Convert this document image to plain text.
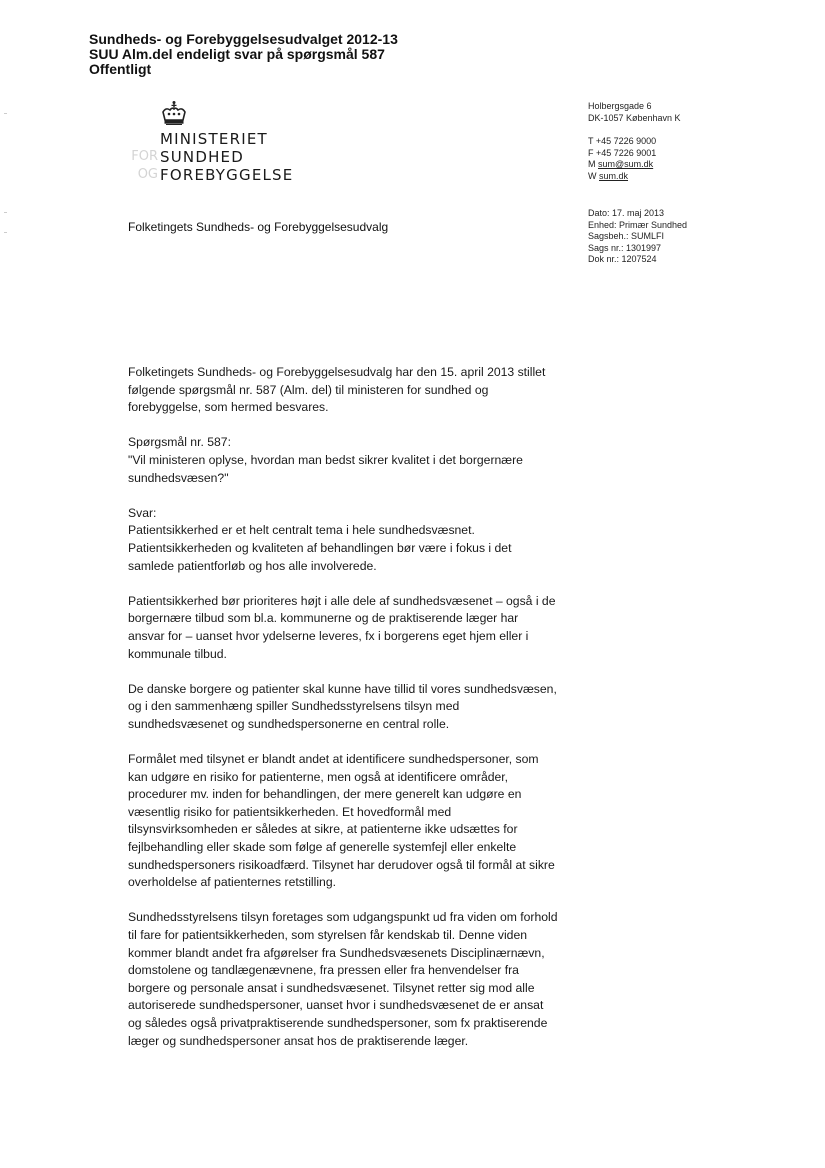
Sundheds- og Forebyggelsesudvalget 2012-13
SUU Alm.del endeligt svar på spørgsmål 587
Offentligt
MINISTERIET
FOR SUNDHED
OG FOREBYGGELSE
Holbergsgade 6
DK-1057 København K
T +45 7226 9000
F +45 7226 9001
M sum@sum.dk
W sum.dk
Folketingets Sundheds- og Forebyggelsesudvalg
Dato: 17. maj 2013
Enhed: Primær Sundhed
Sagsbeh.: SUMLFI
Sags nr.: 1301997
Dok nr.: 1207524

Folketingets Sundheds- og Forebyggelsesudvalg har den 15. april 2013 stillet følgende spørgsmål nr. 587 (Alm. del) til ministeren for sundhed og forebyggelse, som hermed besvares.

Spørgsmål nr. 587:
"Vil ministeren oplyse, hvordan man bedst sikrer kvalitet i det borgernære sundhedsvæsen?"
Svar:

Patientsikkerhed er et helt centralt tema i hele sundhedsvæsnet. Patientsikkerheden og kvaliteten af behandlingen bør være i fokus i det samlede patientforløb og hos alle involverede.

Patientsikkerhed bør prioriteres højt i alle dele af sundhedsvæsenet – også i de borgernære tilbud som bl.a. kommunerne og de praktiserende læger har ansvar for – uanset hvor ydelserne leveres, fx i borgerens eget hjem eller i kommunale tilbud.

De danske borgere og patienter skal kunne have tillid til vores sundhedsvæsen, og i den sammenhæng spiller Sundhedsstyrelsens tilsyn med sundhedsvæsenet og sundhedspersonerne en central rolle.

Formålet med tilsynet er blandt andet at identificere sundhedspersoner, som kan udgøre en risiko for patienterne, men også at identificere områder, procedurer mv. inden for behandlingen, der mere generelt kan udgøre en væsentlig risiko for patientsikkerheden. Et hovedformål med tilsynsvirksomheden er således at sikre, at patienterne ikke udsættes for fejlbehandling eller skade som følge af generelle systemfejl eller enkelte sundhedspersoners risikoadfærd. Tilsynet har derudover også til formål at sikre overholdelse af patienternes retstilling.

Sundhedsstyrelsens tilsyn foretages som udgangspunkt ud fra viden om forhold til fare for patientsikkerheden, som styrelsen får kendskab til. Denne viden kommer blandt andet fra afgørelser fra Sundhedsvæsenets Disciplinærnævn, domstolene og tandlægenævnene, fra pressen eller fra henvendelser fra borgere og personale ansat i sundhedsvæsenet. Tilsynet retter sig mod alle autoriserede sundhedspersoner, uanset hvor i sundhedsvæsenet de er ansat og således også privatpraktiserende sundhedspersoner, som fx praktiserende læger og sundhedspersoner ansat hos de praktiserende læger.
